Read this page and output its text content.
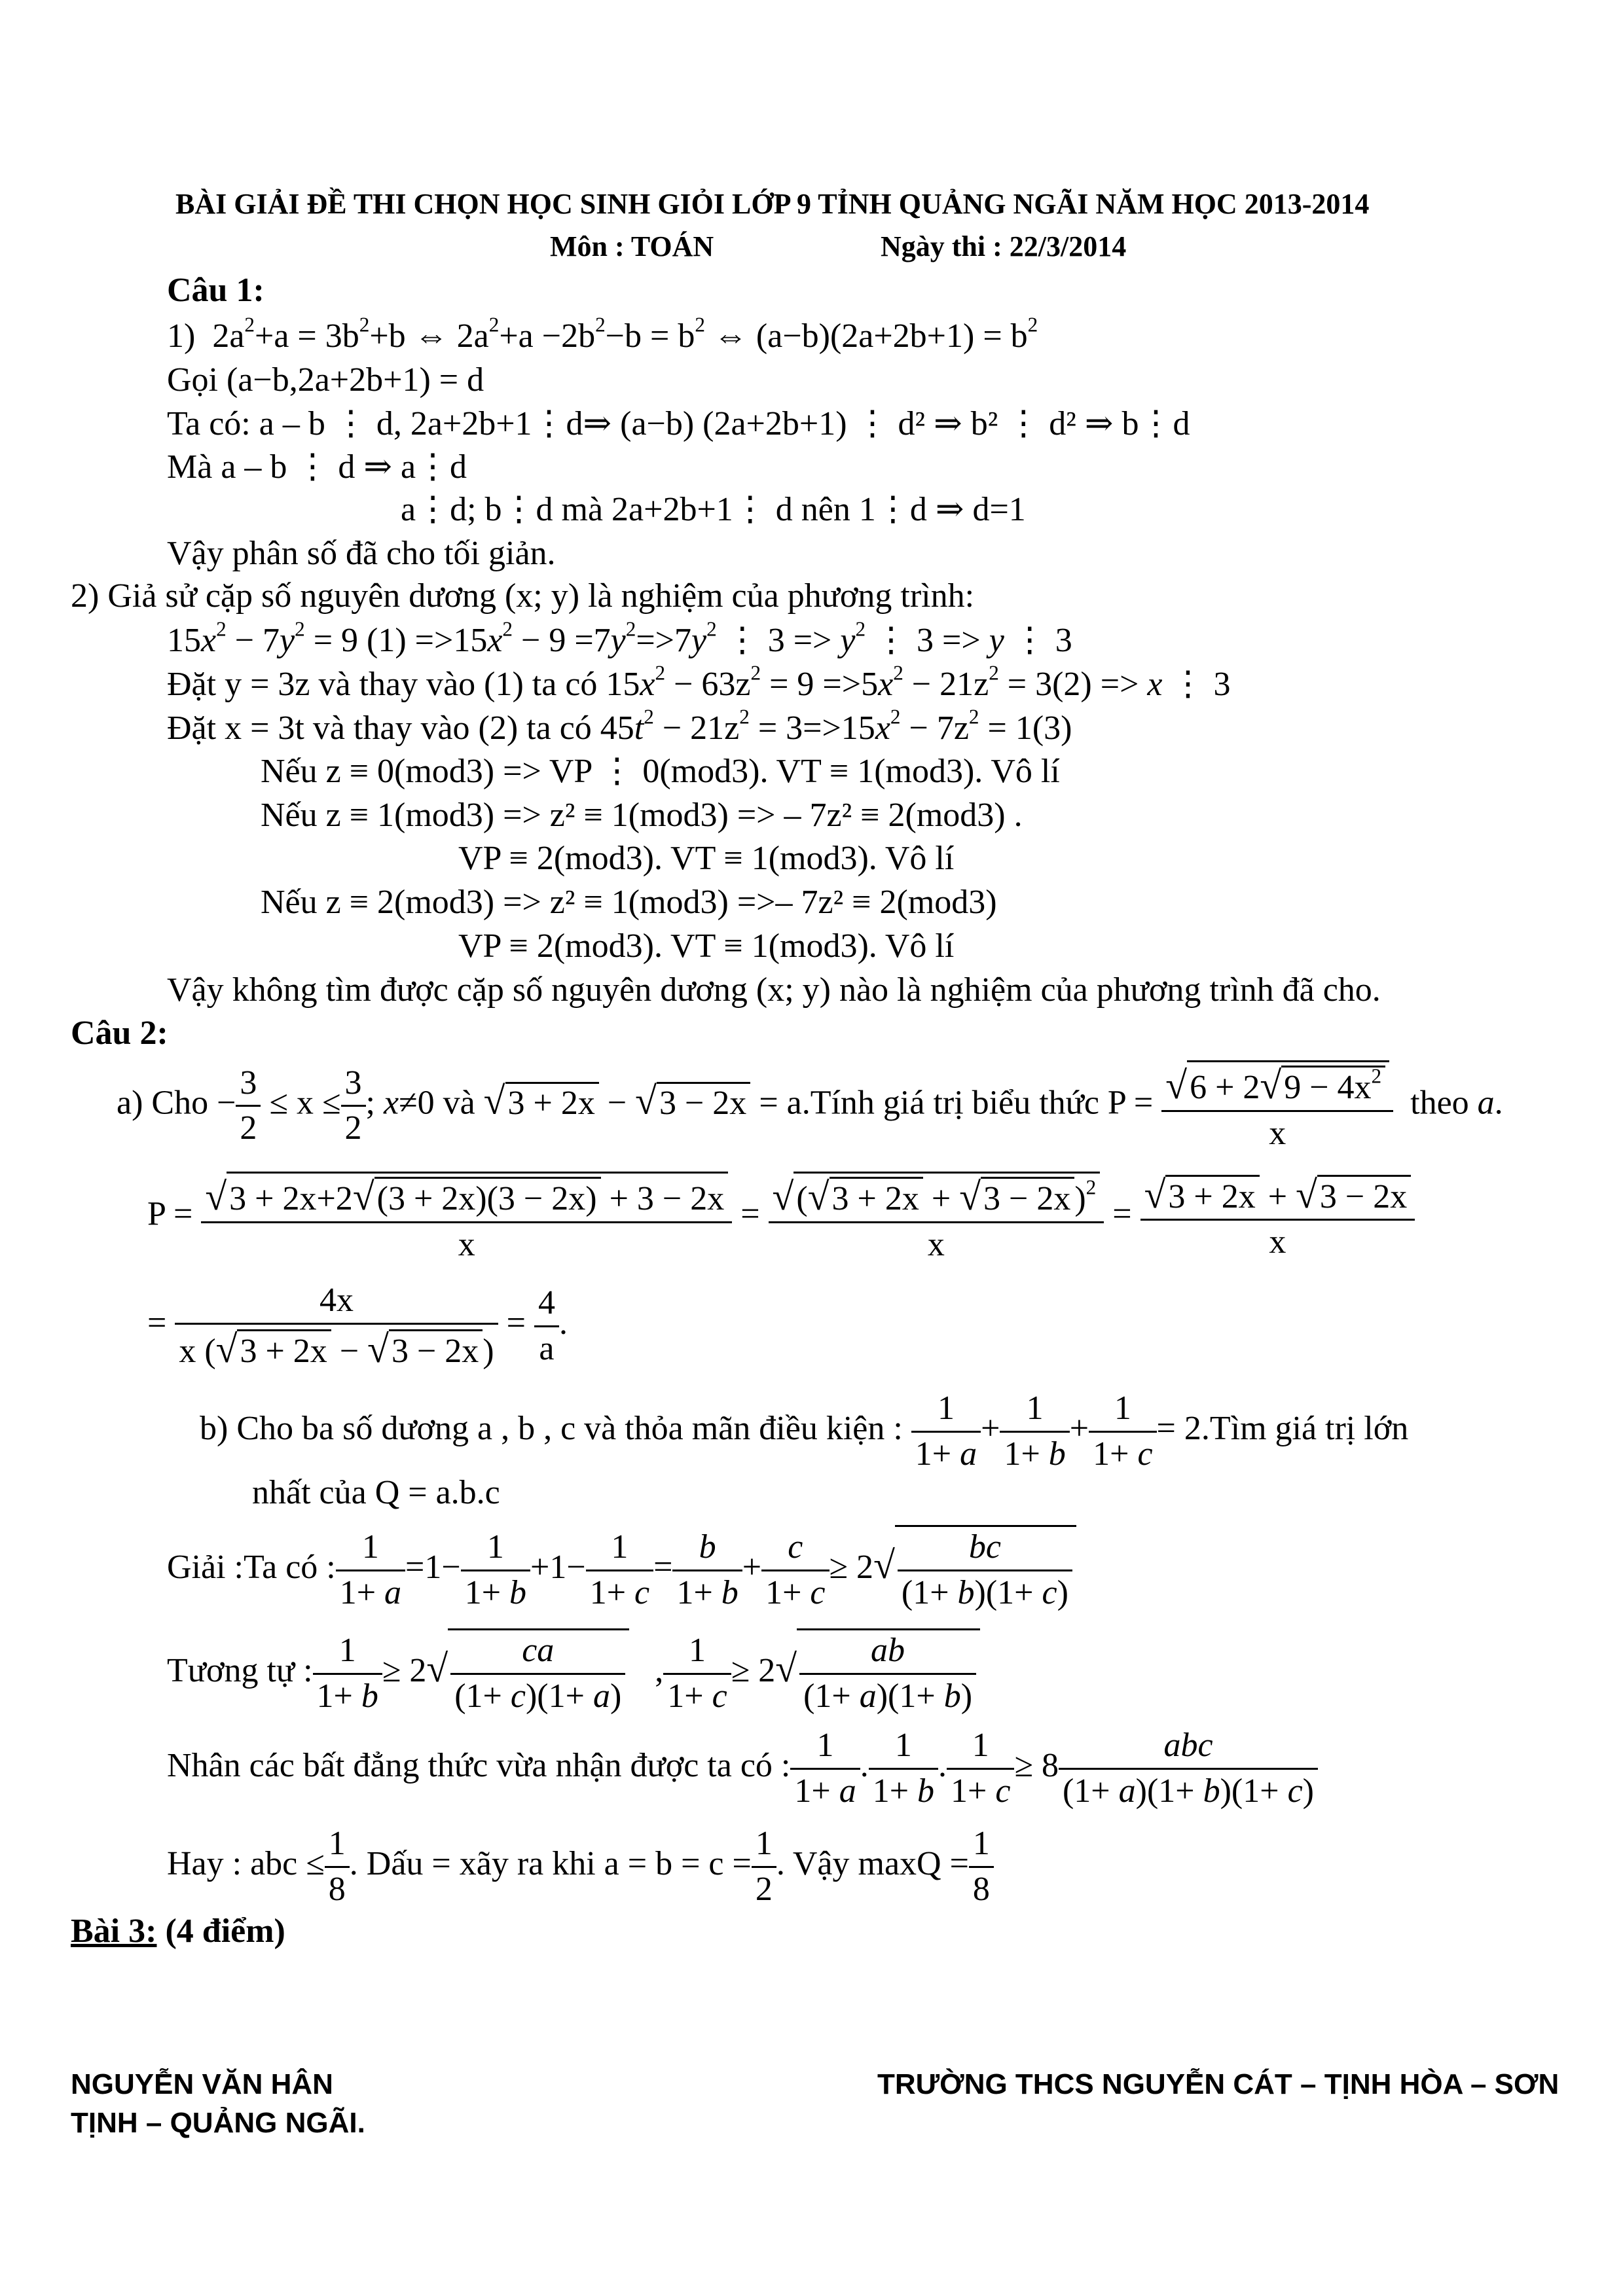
BÀI GIẢI ĐỀ THI CHỌN HỌC SINH GIỎI LỚP 9 TỈNH QUẢNG NGÃI NĂM HỌC 2013-2014
Môn : TOÁN	Ngày thi : 22/3/2014
Câu 1:
1)  $2a^2+a = 3b^2+b$ ⇔ $2a^2+a -2b^2-b = b^2$ ⇔ $(a-b)(2a+2b+1) = b^2$
Gọi (a−b,2a+2b+1) = d
Ta có: a – b ⋮ d, 2a+2b+1⋮d⇒ (a−b) (2a+2b+1) ⋮ d² ⇒ b² ⋮ d² ⇒ b⋮d
Mà a – b ⋮ d ⇒ a⋮d
a⋮d; b⋮d mà 2a+2b+1⋮ d nên 1⋮d ⇒ d=1
Vậy phân số đã cho tối giản.
2) Giả sử cặp số nguyên dương (x; y) là nghiệm của phương trình:
$15x^2 - 7y^2 = 9$ $(1) =>15x^2 - 9 =7y^2=>7y^2$ ⋮ $3 => y^2$ ⋮ 3 => y ⋮ 3
Đặt y = 3z và thay vào (1) ta có $15x^2 - 63z^2 = 9 =>5x^2 - 21z^2 = 3(2) => x$ ⋮ 3
Đặt x = 3t và thay vào (2) ta có $45t^2 - 21z^2 = 3=>15x^2 - 7z^2 = 1(3)$
Nếu z ≡ 0(mod3) => VP ⋮ 0(mod3). VT ≡ 1(mod3). Vô lí
Nếu z ≡ 1(mod3) => z² ≡ 1(mod3) => – 7z² ≡ 2(mod3) .
VP ≡ 2(mod3). VT ≡ 1(mod3). Vô lí
Nếu z ≡ 2(mod3) => z² ≡ 1(mod3) =>– 7z² ≡ 2(mod3)
VP ≡ 2(mod3). VT ≡ 1(mod3). Vô lí
Vậy không tìm được cặp số nguyên dương (x; y) nào là nghiệm của phương trình đã cho.
Câu 2:
a) Cho − $\frac{3}{2} \le x \le \frac{3}{2}$ ; x≠0 và √3 + 2x − √3 − 2x = a.Tính giá trị biểu thức $P = \frac{√6 + 2√9 - 4x^2}{x}$ theo a.
$P = \frac{√3 + 2x+2√(3 + 2x)(3 - 2x) + 3 - 2x}{x} = \frac{√(√3 + 2x + √3 - 2x )^2}{x} = \frac{√3 + 2x + √3 - 2x}{x}$
= $\frac{4x}{x (√3 + 2x - √3 - 2x )} = \frac{4}{a}$ .
b) Cho ba số dương a , b , c và thỏa mãn điều kiện : $\frac{1}{1+ a} + \frac{1}{1+ b} + \frac{1}{1+ c}$ = 2.Tìm giá trị lớn
nhất của Q = a.b.c
Giải :Ta có : $\frac{1}{1+ a} =1- \frac{1}{1+ b} +1- \frac{1}{1+ c} = \frac{b}{1+ b} + \frac{c}{1+ c} \ge 2√ \frac{bc}{(1+ b)(1+ c)}$
Tương tự : $\frac{1}{1+ b} \ge 2√ \frac{ca}{(1+ c)(1+ a)}$ , $\frac{1}{1+ c} \ge 2√ \frac{ab}{(1+ a)(1+ b)}$
Nhân các bất đẳng thức vừa nhận được ta có : $\frac{1}{1+ a}$ . $\frac{1}{1+ b}$ . $\frac{1}{1+ c} \ge 8 \frac{\text{abc}}{(1+ a)(1+ b)(1+ c)}$
Hay : abc ≤ $\frac{1}{8}$ . Dấu = xãy ra khi $a = b = c = \frac{1}{2}$ . Vậy $\max Q = \frac{1}{8}$
Bài 3: (4 điểm)
NGUYỄN VĂN HÂN	TRƯỜNG THCS NGUYỄN CÁT – TỊNH HÒA – SƠN
TỊNH – QUẢNG NGÃI.
